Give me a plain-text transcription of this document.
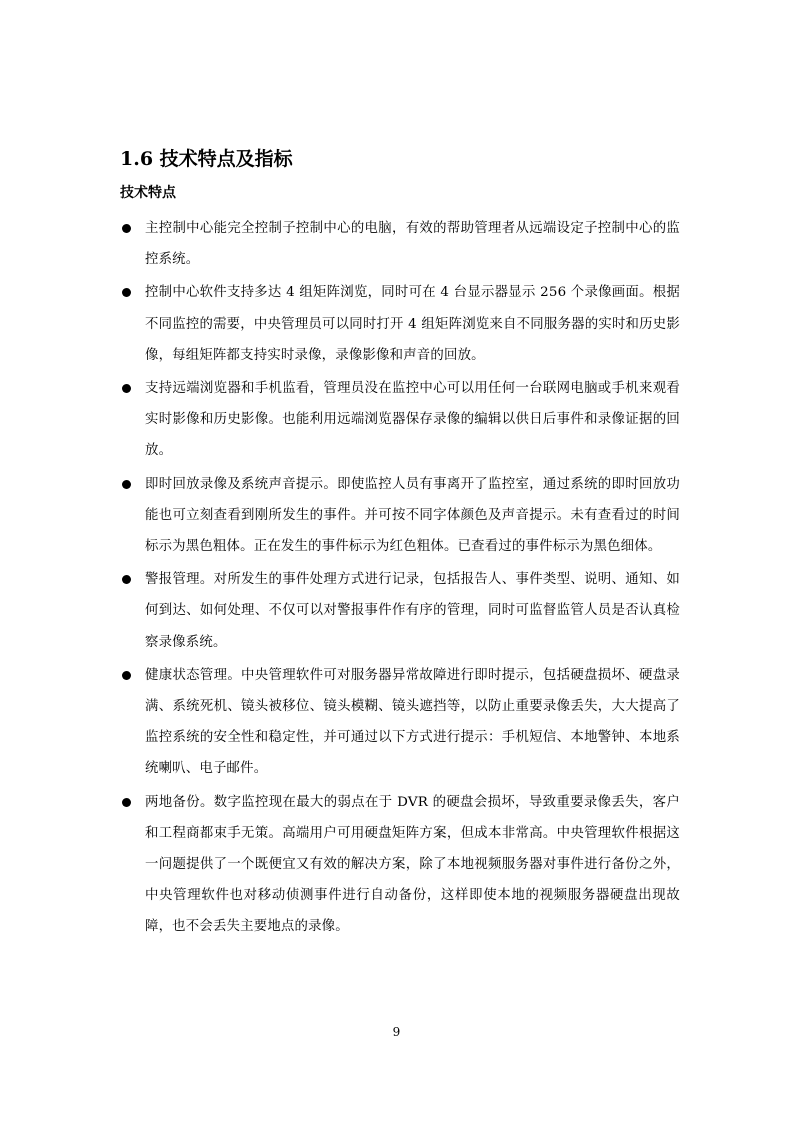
1.6 技术特点及指标
技术特点
主控制中心能完全控制子控制中心的电脑，有效的帮助管理者从远端设定子控制中心的监控系统。
控制中心软件支持多达 4 组矩阵浏览，同时可在 4 台显示器显示 256 个录像画面。根据不同监控的需要，中央管理员可以同时打开 4 组矩阵浏览来自不同服务器的实时和历史影像，每组矩阵都支持实时录像，录像影像和声音的回放。
支持远端浏览器和手机监看，管理员没在监控中心可以用任何一台联网电脑或手机来观看实时影像和历史影像。也能利用远端浏览器保存录像的编辑以供日后事件和录像证据的回放。
即时回放录像及系统声音提示。即使监控人员有事离开了监控室，通过系统的即时回放功能也可立刻查看到刚所发生的事件。并可按不同字体颜色及声音提示。未有查看过的时间标示为黑色粗体。正在发生的事件标示为红色粗体。已查看过的事件标示为黑色细体。
警报管理。对所发生的事件处理方式进行记录，包括报告人、事件类型、说明、通知、如何到达、如何处理、不仅可以对警报事件作有序的管理，同时可监督监管人员是否认真检察录像系统。
健康状态管理。中央管理软件可对服务器异常故障进行即时提示，包括硬盘损坏、硬盘录满、系统死机、镜头被移位、镜头模糊、镜头遮挡等，以防止重要录像丢失，大大提高了监控系统的安全性和稳定性，并可通过以下方式进行提示：手机短信、本地警钟、本地系统喇叭、电子邮件。
两地备份。数字监控现在最大的弱点在于 DVR 的硬盘会损坏，导致重要录像丢失，客户和工程商都束手无策。高端用户可用硬盘矩阵方案，但成本非常高。中央管理软件根据这一问题提供了一个既便宜又有效的解决方案，除了本地视频服务器对事件进行备份之外，中央管理软件也对移动侦测事件进行自动备份，这样即使本地的视频服务器硬盘出现故障，也不会丢失主要地点的录像。
9
